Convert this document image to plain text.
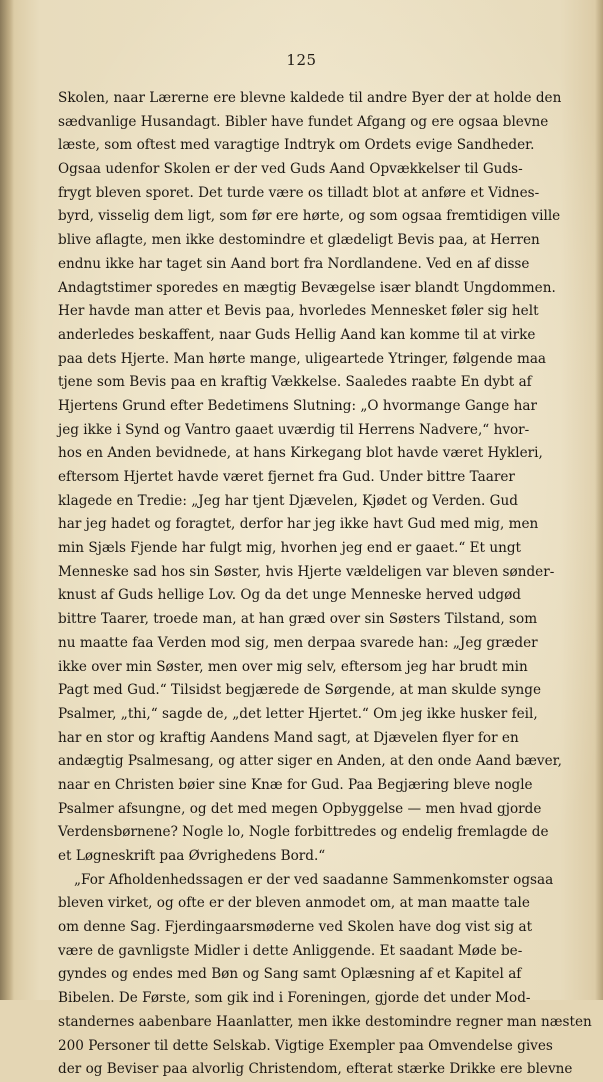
125
Skolen, naar Lærerne ere blevne kaldede til andre Byer der at holde den
sædvanlige Husandagt. Bibler have fundet Afgang og ere ogsaa blevne
læste, som oftest med varagtige Indtryk om Ordets evige Sandheder.
Ogsaa udenfor Skolen er der ved Guds Aand Opvækkelser til Guds-
frygt bleven sporet. Det turde være os tilladt blot at anføre et Vidnes-
byrd, visselig dem ligt, som før ere hørte, og som ogsaa fremtidigen ville
blive aflagte, men ikke destomindre et glædeligt Bevis paa, at Herren
endnu ikke har taget sin Aand bort fra Nordlandene. Ved en af disse
Andagtstimer sporedes en mægtig Bevægelse især blandt Ungdommen.
Her havde man atter et Bevis paa, hvorledes Mennesket føler sig helt
anderledes beskaffent, naar Guds Hellig Aand kan komme til at virke
paa dets Hjerte. Man hørte mange, uligeartede Ytringer, følgende maa
tjene som Bevis paa en kraftig Vækkelse. Saaledes raabte En dybt af
Hjertens Grund efter Bedetimens Slutning: „O hvormange Gange har
jeg ikke i Synd og Vantro gaaet uværdig til Herrens Nadvere,“ hvor-
hos en Anden bevidnede, at hans Kirkegang blot havde været Hykleri,
eftersom Hjertet havde været fjernet fra Gud. Under bittre Taarer
klagede en Tredie: „Jeg har tjent Djævelen, Kjødet og Verden. Gud
har jeg hadet og foragtet, derfor har jeg ikke havt Gud med mig, men
min Sjæls Fjende har fulgt mig, hvorhen jeg end er gaaet.“ Et ungt
Menneske sad hos sin Søster, hvis Hjerte vældeligen var bleven sønder-
knust af Guds hellige Lov. Og da det unge Menneske herved udgød
bittre Taarer, troede man, at han græd over sin Søsters Tilstand, som
nu maatte faa Verden mod sig, men derpaa svarede han: „Jeg græder
ikke over min Søster, men over mig selv, eftersom jeg har brudt min
Pagt med Gud.“ Tilsidst begjærede de Sørgende, at man skulde synge
Psalmer, „thi,“ sagde de, „det letter Hjertet.“ Om jeg ikke husker feil,
har en stor og kraftig Aandens Mand sagt, at Djævelen flyer for en
andægtig Psalmesang, og atter siger en Anden, at den onde Aand bæver,
naar en Christen bøier sine Knæ for Gud. Paa Begjæring bleve nogle
Psalmer afsungne, og det med megen Opbyggelse — men hvad gjorde
Verdensbørnene? Nogle lo, Nogle forbittredes og endelig fremlagde de
et Løgneskrift paa Øvrighedens Bord.“
„For Afholdenhedssagen er der ved saadanne Sammenkomster ogsaa
bleven virket, og ofte er der bleven anmodet om, at man maatte tale
om denne Sag. Fjerdingaarsmøderne ved Skolen have dog vist sig at
være de gavnligste Midler i dette Anliggende. Et saadant Møde be-
gyndes og endes med Bøn og Sang samt Oplæsning af et Kapitel af
Bibelen. De Første, som gik ind i Foreningen, gjorde det under Mod-
standernes aabenbare Haanlatter, men ikke destomindre regner man næsten
200 Personer til dette Selskab. Vigtige Exempler paa Omvendelse gives
der og Beviser paa alvorlig Christendom, efterat stærke Drikke ere blevne
